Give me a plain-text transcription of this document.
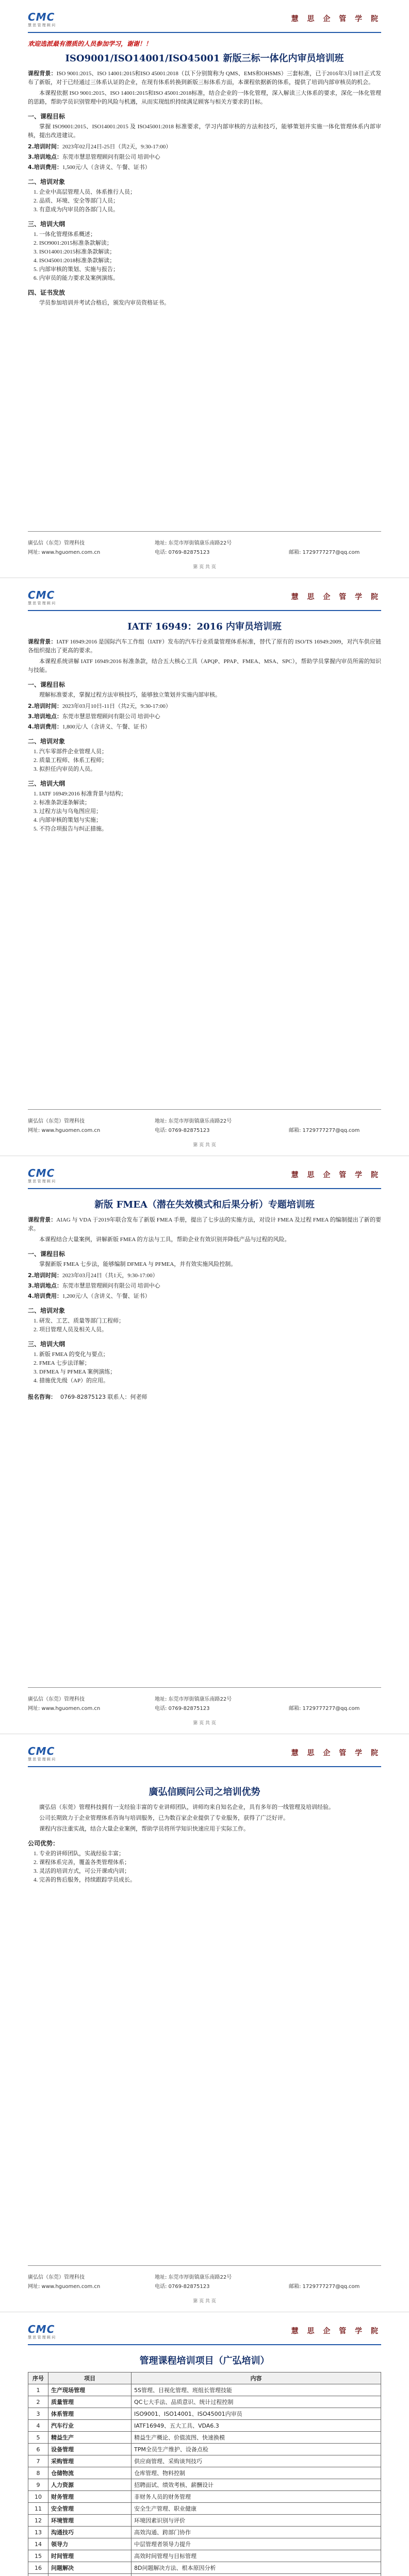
CMC
慧 思 管 理 顾 问
慧 思 企 管 学 院
欢迎选派最有潜质的人员参加学习，谢谢！！
ISO9001/ISO14001/ISO45001 新版三标一体化内审员培训班

课程背景：ISO 9001:2015、ISO 14001:2015和ISO 45001:2018（以下分别简称为 QMS、EMS和OHSMS）三套标准，已于2016年3月18日正式发布了新版，对于已经通过三体系认证的企业，在现有体系转换到新版三标体系方面，本课程依据新的体系，提供了培训内部审核员的机会。

本课程依据 ISO 9001:2015、ISO 14001:2015和ISO 45001:2018标准，结合企业的一体化管理，深入解读三大体系的要求，深化一体化管理的思路，帮助学员识别管理中的风险与机遇，从而实现组织持续满足顾客与相关方要求的目标。

一、课程目标

掌握 ISO9001:2015、ISO14001:2015 及 ISO45001:2018 标准要求，学习内部审核的方法和技巧，能够策划并实施一体化管理体系内部审核，提出改进建议。

2.培训时间：2023年02月24日-25日（共2天，9:30-17:00）
3.培训地点：东莞市慧思管理顾问有限公司 培训中心
4.培训费用：1,500元/人（含讲义、午餐、证书）
二、培训对象
1. 企业中高层管理人员、体系推行人员；
2. 品质、环境、安全等部门人员；
3. 有意成为内审员的各部门人员。
三、培训大纲
1. 一体化管理体系概述；
2. ISO9001:2015标准条款解读；
3. ISO14001:2015标准条款解读；
4. ISO45001:2018标准条款解读；
5. 内部审核的策划、实施与报告；
6. 内审员的能力要求及案例演练。
四、证书发放

学员参加培训并考试合格后，颁发内审员资格证书。

廣弘信（东莞）管理科技
网址: www.hguomen.com.cn
地址: 东莞市厚街镇康乐南路22号
电话: 0769-82875123	邮箱: 1729777277@qq.com
第 页 共 页
CMC
慧 思 管 理 顾 问
慧 思 企 管 学 院
IATF 16949：2016 内审员培训班

课程背景：IATF 16949:2016 是国际汽车工作组（IATF）发布的汽车行业质量管理体系标准，替代了原有的 ISO/TS 16949:2009，对汽车供应链各组织提出了更高的要求。

本课程系统讲解 IATF 16949:2016 标准条款，结合五大核心工具（APQP、PPAP、FMEA、MSA、SPC），帮助学员掌握内审员所需的知识与技能。

一、课程目标

理解标准要求，掌握过程方法审核技巧，能够独立策划并实施内部审核。

2.培训时间：2023年03月10日-11日（共2天，9:30-17:00）
3.培训地点：东莞市慧思管理顾问有限公司 培训中心
4.培训费用：1,800元/人（含讲义、午餐、证书）
二、培训对象
1. 汽车零部件企业管理人员；
2. 质量工程师、体系工程师；
3. 拟担任内审员的人员。
三、培训大纲
1. IATF 16949:2016 标准背景与结构；
2. 标准条款逐条解读；
3. 过程方法与乌龟图应用；
4. 内部审核的策划与实施；
5. 不符合项报告与纠正措施。
廣弘信（东莞）管理科技
网址: www.hguomen.com.cn
地址: 东莞市厚街镇康乐南路22号
电话: 0769-82875123	邮箱: 1729777277@qq.com
第 页 共 页
CMC
慧 思 管 理 顾 问
慧 思 企 管 学 院
新版 FMEA（潜在失效模式和后果分析）专题培训班

课程背景：AIAG 与 VDA 于2019年联合发布了新版 FMEA 手册，提出了七步法的实施方法，对设计 FMEA 及过程 FMEA 的编制提出了新的要求。

本课程结合大量案例，讲解新版 FMEA 的方法与工具，帮助企业有效识别并降低产品与过程的风险。

一、课程目标

掌握新版 FMEA 七步法，能够编制 DFMEA 与 PFMEA，并有效实施风险控制。

2.培训时间：2023年03月24日（共1天，9:30-17:00）
3.培训地点：东莞市慧思管理顾问有限公司 培训中心
4.培训费用：1,200元/人（含讲义、午餐、证书）
二、培训对象
1. 研发、工艺、质量等部门工程师；
2. 项目管理人员及相关人员。
三、培训大纲
1. 新版 FMEA 的变化与要点；
2. FMEA 七步法详解；
3. DFMEA 与 PFMEA 案例演练；
4. 措施优先级（AP）的应用。
报名咨询： 0769-82875123 联系人：何老师
廣弘信（东莞）管理科技
网址: www.hguomen.com.cn
地址: 东莞市厚街镇康乐南路22号
电话: 0769-82875123	邮箱: 1729777277@qq.com
第 页 共 页
CMC
慧 思 管 理 顾 问
慧 思 企 管 学 院
廣弘信顾问公司之培训优势

廣弘信（东莞）管理科技拥有一支经验丰富的专业讲师团队，讲师均来自知名企业，具有多年的一线管理及培训经验。

公司长期致力于企业管理体系咨询与培训服务，已为数百家企业提供了专业服务，获得了广泛好评。

课程内容注重实战，结合大量企业案例，帮助学员将所学知识快速应用于实际工作。

公司优势：
1. 专业的讲师团队，实战经验丰富；
2. 课程体系完善，覆盖各类管理体系；
3. 灵活的培训方式，可公开课或内训；
4. 完善的售后服务，持续跟踪学员成长。
廣弘信（东莞）管理科技
网址: www.hguomen.com.cn
地址: 东莞市厚街镇康乐南路22号
电话: 0769-82875123	邮箱: 1729777277@qq.com
第 页 共 页
CMC
慧 思 管 理 顾 问
慧 思 企 管 学 院
管理课程培训项目（广弘培训）
序号	项目	内容
1	生产现场管理	5S管理、目视化管理、班组长管理技能
2	质量管理	QC七大手法、品质意识、统计过程控制
3	体系管理	ISO9001、ISO14001、ISO45001内审员
4	汽车行业	IATF16949、五大工具、VDA6.3
5	精益生产	精益生产概论、价值流图、快速换模
6	设备管理	TPM全员生产维护、设备点检
7	采购管理	供应商管理、采购谈判技巧
8	仓储物流	仓库管理、物料控制
9	人力资源	招聘面试、绩效考核、薪酬设计
10	财务管理	非财务人员的财务管理
11	安全管理	安全生产管理、职业健康
12	环境管理	环境因素识别与评价
13	沟通技巧	高效沟通、跨部门协作
14	领导力	中层管理者领导力提升
15	时间管理	高效时间管理与目标管理
16	问题解决	8D问题解决方法、根本原因分析
